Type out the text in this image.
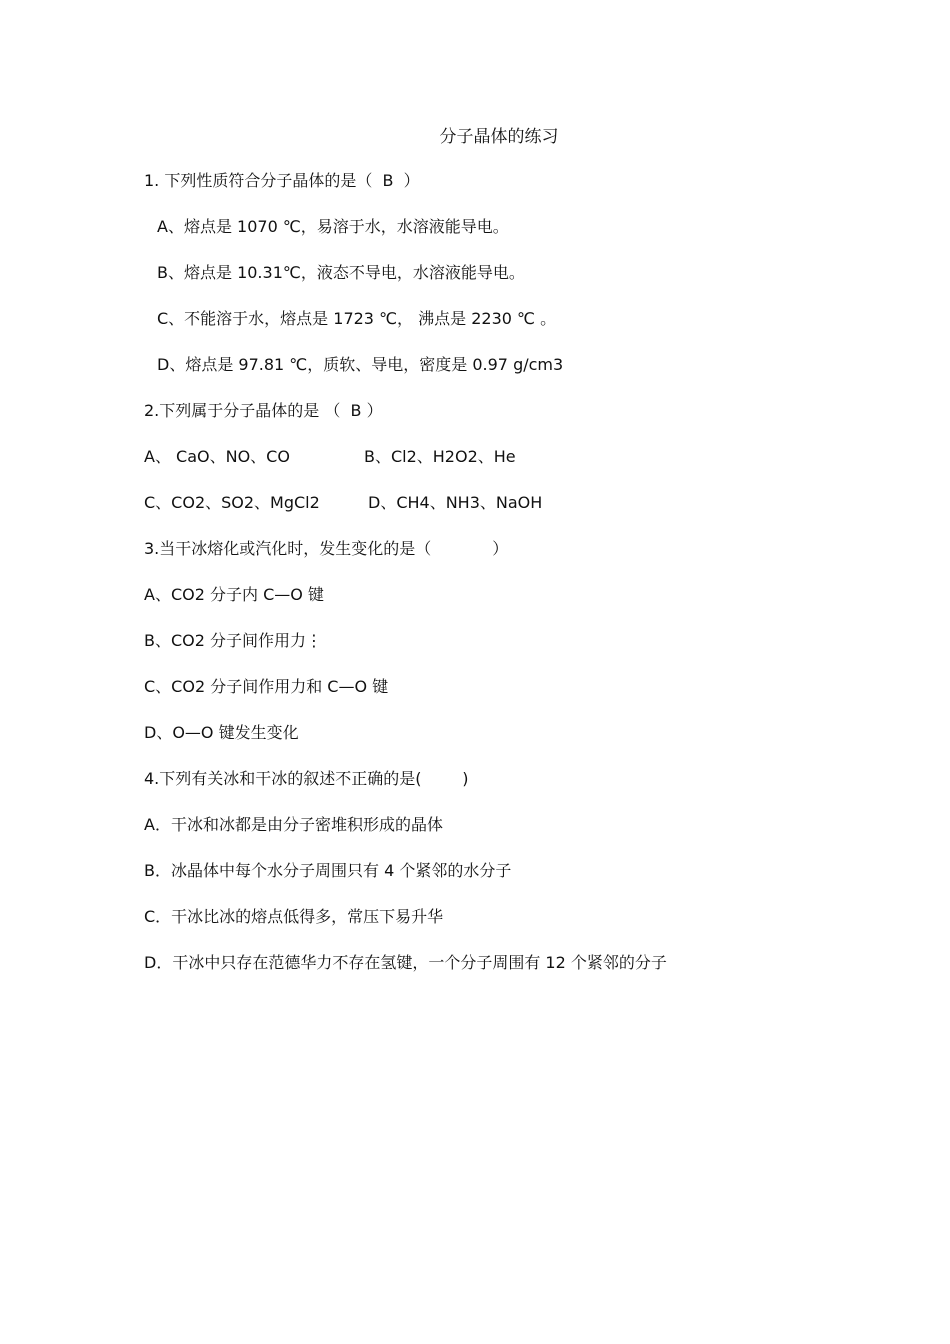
分子晶体的练习
1. 下列性质符合分子晶体的是（  B  ）
A、熔点是 1070 ℃，易溶于水，水溶液能导电。
B、熔点是 10.31℃，液态不导电，水溶液能导电。
C、不能溶于水，熔点是 1723 ℃， 沸点是 2230 ℃ 。
D、熔点是 97.81 ℃，质软、导电，密度是 0.97 g/cm3
2.下列属于分子晶体的是 （  B ）
A、 CaO、NO、CO	B、Cl2、H2O2、He
C、CO2、SO2、MgCl2	D、CH4、NH3、NaOH
3.当干冰熔化或汽化时，发生变化的是（            ）
A、CO2 分子内 C—O 键
B、CO2 分子间作用力⋮
C、CO2 分子间作用力和 C—O 键
D、O—O 键发生变化
4.下列有关冰和干冰的叙述不正确的是(        )
A．干冰和冰都是由分子密堆积形成的晶体
B．冰晶体中每个水分子周围只有 4 个紧邻的水分子
C．干冰比冰的熔点低得多，常压下易升华
D．干冰中只存在范德华力不存在氢键，一个分子周围有 12 个紧邻的分子
